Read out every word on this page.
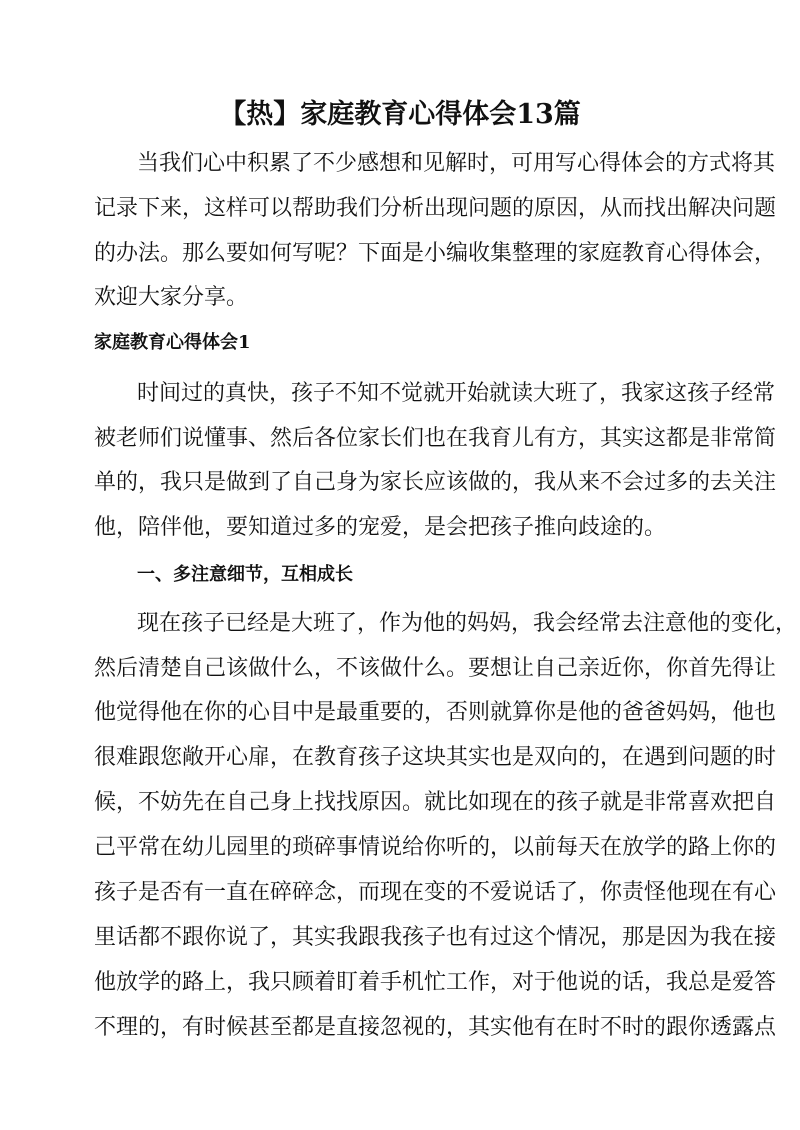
【热】家庭教育心得体会13篇
当我们心中积累了不少感想和见解时，可用写心得体会的方式将其
记录下来，这样可以帮助我们分析出现问题的原因，从而找出解决问题
的办法。那么要如何写呢？下面是小编收集整理的家庭教育心得体会，
欢迎大家分享。
家庭教育心得体会1
时间过的真快，孩子不知不觉就开始就读大班了，我家这孩子经常
被老师们说懂事、然后各位家长们也在我育儿有方，其实这都是非常简
单的，我只是做到了自己身为家长应该做的，我从来不会过多的去关注
他，陪伴他，要知道过多的宠爱，是会把孩子推向歧途的。
一、多注意细节，互相成长
现在孩子已经是大班了，作为他的妈妈，我会经常去注意他的变化，
然后清楚自己该做什么，不该做什么。要想让自己亲近你，你首先得让
他觉得他在你的心目中是最重要的，否则就算你是他的爸爸妈妈，他也
很难跟您敞开心扉，在教育孩子这块其实也是双向的，在遇到问题的时
候，不妨先在自己身上找找原因。就比如现在的孩子就是非常喜欢把自
己平常在幼儿园里的琐碎事情说给你听的，以前每天在放学的路上你的
孩子是否有一直在碎碎念，而现在变的不爱说话了，你责怪他现在有心
里话都不跟你说了，其实我跟我孩子也有过这个情况，那是因为我在接
他放学的路上，我只顾着盯着手机忙工作，对于他说的话，我总是爱答
不理的，有时候甚至都是直接忽视的，其实他有在时不时的跟你透露点
